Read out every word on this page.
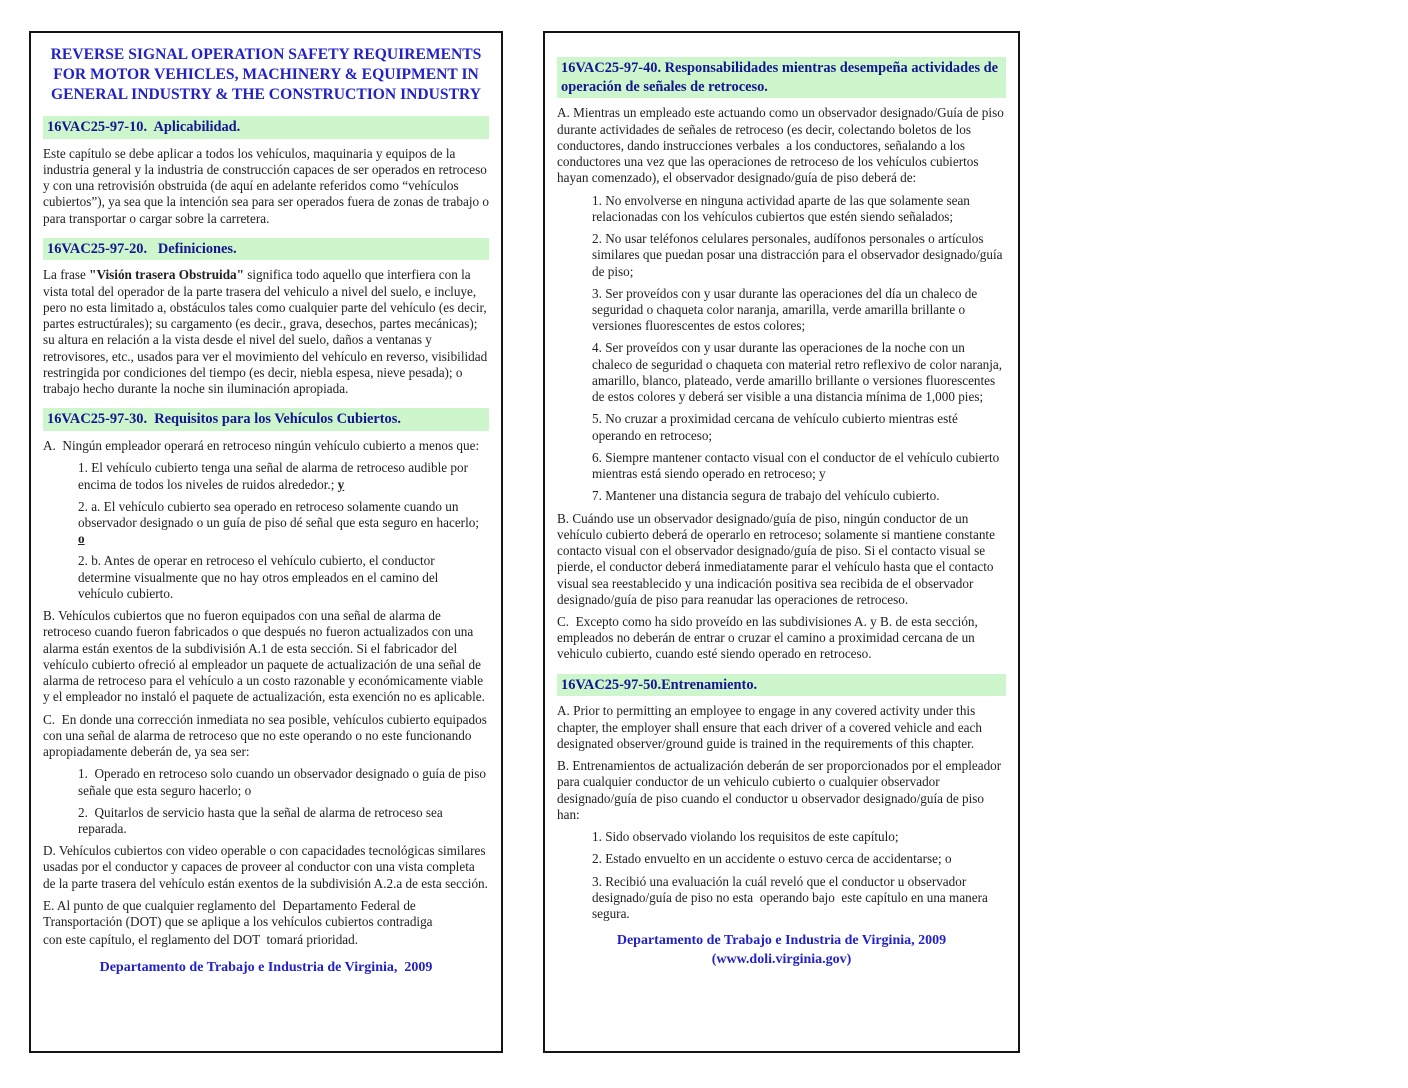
REVERSE SIGNAL OPERATION SAFETY REQUIREMENTS FOR MOTOR VEHICLES, MACHINERY & EQUIPMENT IN GENERAL INDUSTRY & THE CONSTRUCTION INDUSTRY
16VAC25-97-10.  Aplicabilidad.

Este capítulo se debe aplicar a todos los vehículos, maquinaria y equipos de la industria general y la industria de construcción capaces de ser operados en retroceso y con una retrovisión obstruida (de aquí en adelante referidos como “vehículos cubiertos”), ya sea que la intención sea para ser operados fuera de zonas de trabajo o para transportar o cargar sobre la carretera.

16VAC25-97-20.   Definiciones.

La frase "Visión trasera Obstruida" significa todo aquello que interfiera con la vista total del operador de la parte trasera del vehiculo a nivel del suelo, e incluye, pero no esta limitado a, obstáculos tales como cualquier parte del vehículo (es decir, partes estructúrales); su cargamento (es decir., grava, desechos, partes mecánicas); su altura en relación a la vista desde el nivel del suelo, daños a ventanas y retrovisores, etc., usados para ver el movimiento del vehículo en reverso, visibilidad restringida por condiciones del tiempo (es decir, niebla espesa, nieve pesada); o trabajo hecho durante la noche sin iluminación apropiada.

16VAC25-97-30.  Requisitos para los Vehículos Cubiertos.

A.  Ningún empleador operará en retroceso ningún vehículo cubierto a menos que:

1. El vehículo cubierto tenga una señal de alarma de retroceso audible por encima de todos los niveles de ruidos alrededor.; y

2. a. El vehículo cubierto sea operado en retroceso solamente cuando un observador designado o un guía de piso dé señal que esta seguro en hacerlo; o

2. b. Antes de operar en retroceso el vehículo cubierto, el conductor determine visualmente que no hay otros empleados en el camino del vehículo cubierto.

B. Vehículos cubiertos que no fueron equipados con una señal de alarma de retroceso cuando fueron fabricados o que después no fueron actualizados con una alarma están exentos de la subdivisión A.1 de esta sección. Si el fabricador del vehículo cubierto ofreció al empleador un paquete de actualización de una señal de alarma de retroceso para el vehículo a un costo razonable y económicamente viable y el empleador no instaló el paquete de actualización, esta exención no es aplicable.

C.  En donde una corrección inmediata no sea posible, vehículos cubierto equipados con una señal de alarma de retroceso que no este operando o no este funcionando apropiadamente deberán de, ya sea ser:

1.  Operado en retroceso solo cuando un observador designado o guía de piso señale que esta seguro hacerlo; o

2.  Quitarlos de servicio hasta que la señal de alarma de retroceso sea reparada.

D. Vehículos cubiertos con video operable o con capacidades tecnológicas similares usadas por el conductor y capaces de proveer al conductor con una vista completa de la parte trasera del vehículo están exentos de la subdivisión A.2.a de esta sección.

E. Al punto de que cualquier reglamento del  Departamento Federal de Transportación (DOT) que se aplique a los vehículos cubiertos contradiga

con este capítulo, el reglamento del DOT  tomará prioridad.

Departamento de Trabajo e Industria de Virginia,  2009
16VAC25-97-40. Responsabilidades mientras desempeña actividades de operación de señales de retroceso.

A. Mientras un empleado este actuando como un observador designado/Guía de piso durante actividades de señales de retroceso (es decir, colectando boletos de los conductores, dando instrucciones verbales  a los conductores, señalando a los conductores una vez que las operaciones de retroceso de los vehículos cubiertos hayan comenzado), el observador designado/guía de piso deberá de:

1. No envolverse en ninguna actividad aparte de las que solamente sean relacionadas con los vehículos cubiertos que estén siendo señalados;

2. No usar teléfonos celulares personales, audífonos personales o artículos similares que puedan posar una distracción para el observador designado/guía de piso;

3. Ser proveídos con y usar durante las operaciones del día un chaleco de seguridad o chaqueta color naranja, amarilla, verde amarilla brillante o versiones fluorescentes de estos colores;

4. Ser proveídos con y usar durante las operaciones de la noche con un chaleco de seguridad o chaqueta con material retro reflexivo de color naranja, amarillo, blanco, plateado, verde amarillo brillante o versiones fluorescentes de estos colores y deberá ser visible a una distancia mínima de 1,000 pies;

5. No cruzar a proximidad cercana de vehículo cubierto mientras esté operando en retroceso;

6. Siempre mantener contacto visual con el conductor de el vehículo cubierto mientras está siendo operado en retroceso; y

7. Mantener una distancia segura de trabajo del vehículo cubierto.

B. Cuándo use un observador designado/guía de piso, ningún conductor de un vehículo cubierto deberá de operarlo en retroceso; solamente si mantiene constante contacto visual con el observador designado/guía de piso. Si el contacto visual se pierde, el conductor deberá inmediatamente parar el vehículo hasta que el contacto visual sea reestablecido y una indicación positiva sea recibida de el observador designado/guía de piso para reanudar las operaciones de retroceso.

C.  Excepto como ha sido proveído en las subdivisiones A. y B. de esta sección, empleados no deberán de entrar o cruzar el camino a proximidad cercana de un vehiculo cubierto, cuando esté siendo operado en retroceso.

16VAC25-97-50.Entrenamiento.

A. Prior to permitting an employee to engage in any covered activity under this chapter, the employer shall ensure that each driver of a covered vehicle and each designated observer/ground guide is trained in the requirements of this chapter.

B. Entrenamientos de actualización deberán de ser proporcionados por el empleador para cualquier conductor de un vehiculo cubierto o cualquier observador designado/guía de piso cuando el conductor u observador designado/guía de piso han:

1. Sido observado violando los requisitos de este capítulo;

2. Estado envuelto en un accidente o estuvo cerca de accidentarse; o

3. Recibió una evaluación la cuál reveló que el conductor u observador designado/guía de piso no esta  operando bajo  este capítulo en una manera segura.

Departamento de Trabajo e Industria de Virginia, 2009
(www.doli.virginia.gov)
